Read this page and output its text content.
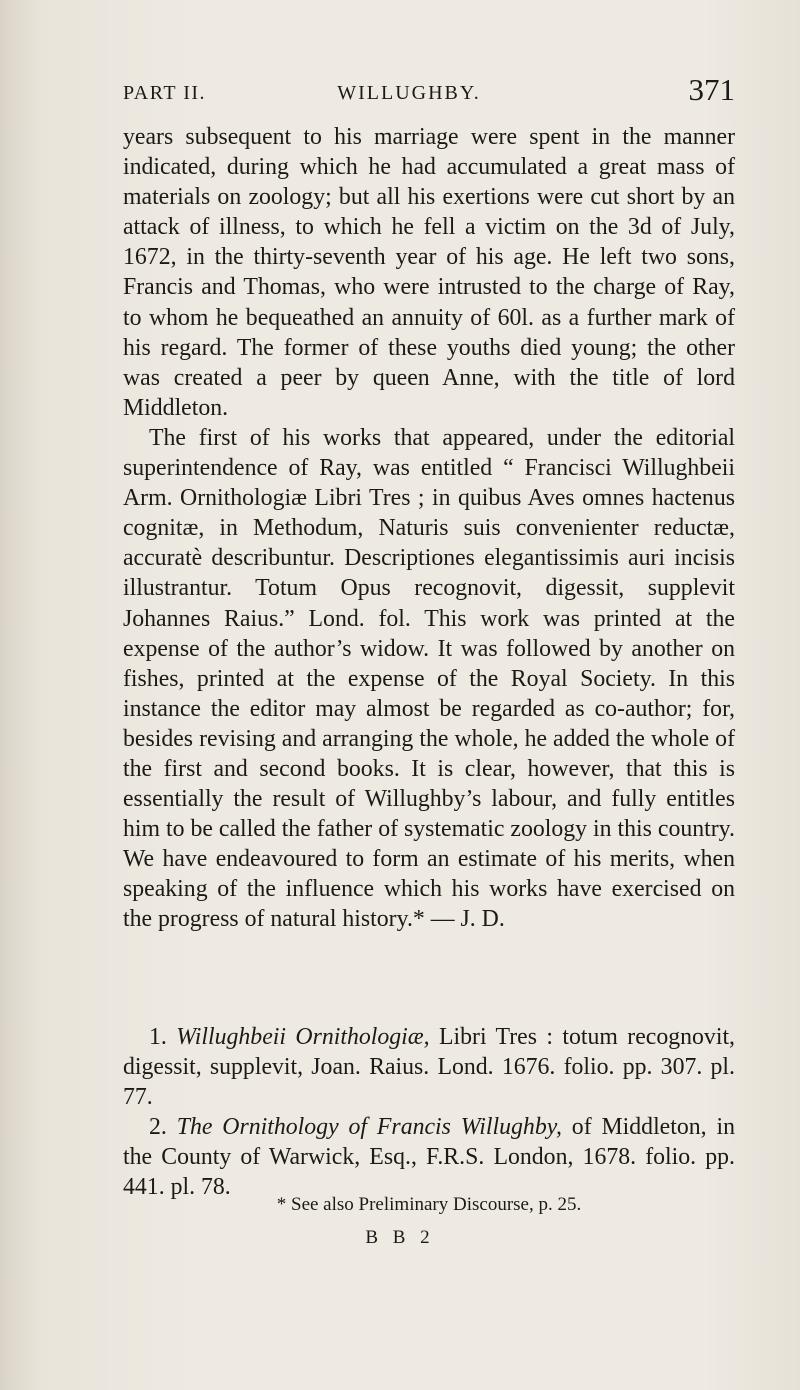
PART II.	WILLUGHBY.	371

years subsequent to his marriage were spent in the manner indicated, during which he had accumulated a great mass of materials on zoology; but all his exertions were cut short by an attack of illness, to which he fell a victim on the 3d of July, 1672, in the thirty-seventh year of his age. He left two sons, Francis and Thomas, who were intrusted to the charge of Ray, to whom he bequeathed an annuity of 60l. as a further mark of his regard. The former of these youths died young; the other was created a peer by queen Anne, with the title of lord Middleton.

The first of his works that appeared, under the editorial superintendence of Ray, was entitled “ Francisci Willughbeii Arm. Ornithologiæ Libri Tres ; in quibus Aves omnes hactenus cognitæ, in Methodum, Naturis suis convenienter reductæ, accuratè describuntur. Descriptiones elegantissimis auri incisis illustrantur. Totum Opus recognovit, digessit, supplevit Johannes Raius.” Lond. fol. This work was printed at the expense of the author’s widow. It was followed by another on fishes, printed at the expense of the Royal Society. In this instance the editor may almost be regarded as co-author; for, besides revising and arranging the whole, he added the whole of the first and second books. It is clear, however, that this is essentially the result of Willughby’s labour, and fully entitles him to be called the father of systematic zoology in this country. We have endeavoured to form an estimate of his merits, when speaking of the influence which his works have exercised on the progress of natural history.* — J. D.

1. Willughbeii Ornithologiæ, Libri Tres : totum recognovit, digessit, supplevit, Joan. Raius. Lond. 1676. folio. pp. 307. pl. 77.

2. The Ornithology of Francis Willughby, of Middleton, in the County of Warwick, Esq., F.R.S. London, 1678. folio. pp. 441. pl. 78.

* See also Preliminary Discourse, p. 25.
B B 2
